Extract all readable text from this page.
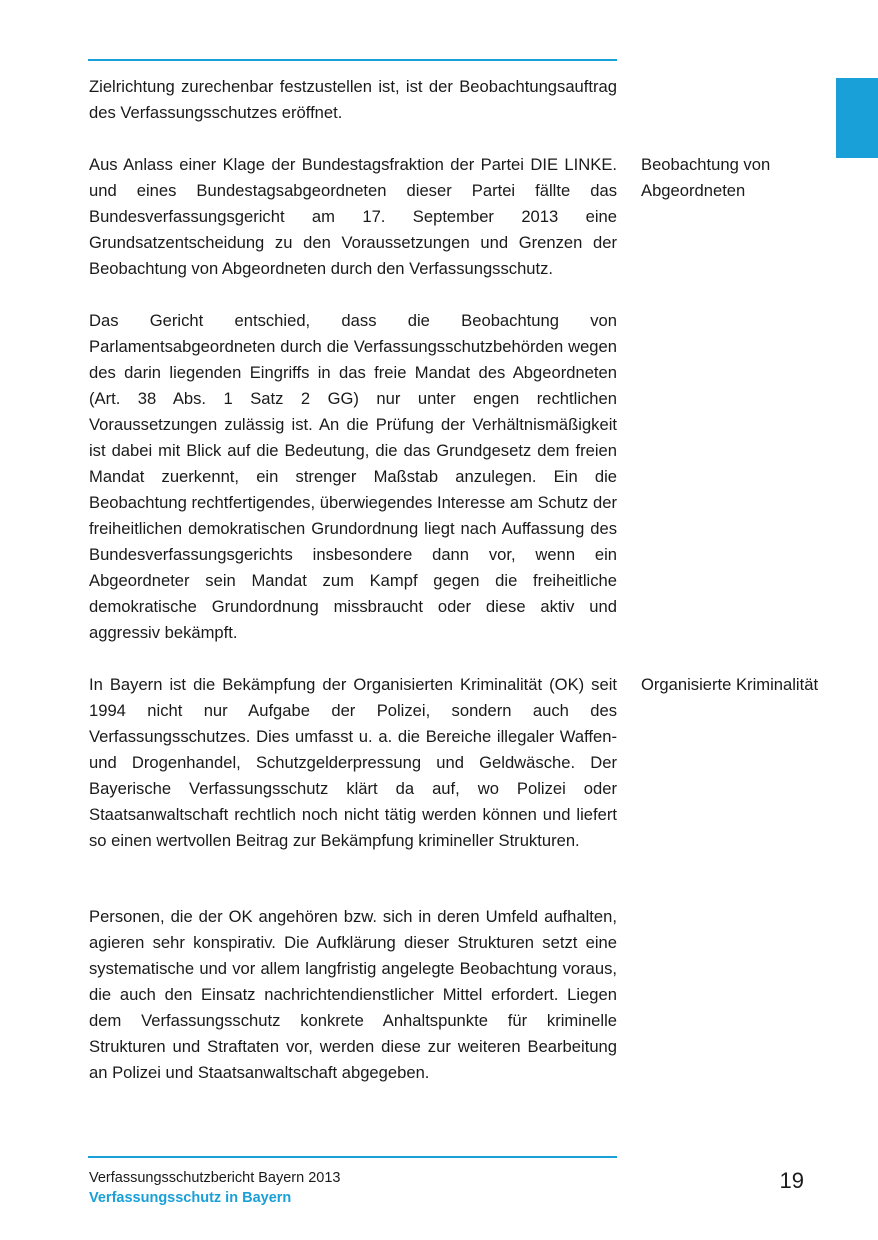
Zielrichtung zurechenbar festzustellen ist, ist der Beobachtungsauftrag des Verfassungsschutzes eröffnet.

Aus Anlass einer Klage der Bundestagsfraktion der Partei DIE LINKE. und eines Bundestagsabgeordneten dieser Partei fällte das Bundesverfassungsgericht am 17. September 2013 eine Grundsatzentscheidung zu den Voraussetzungen und Grenzen der Beobachtung von Abgeordneten durch den Verfassungsschutz.

Beobachtung von Abgeordneten

Das Gericht entschied, dass die Beobachtung von Parlamentsabgeordneten durch die Verfassungsschutzbehörden wegen des darin liegenden Eingriffs in das freie Mandat des Abgeordneten (Art. 38 Abs. 1 Satz 2 GG) nur unter engen rechtlichen Voraussetzungen zulässig ist. An die Prüfung der Verhältnismäßigkeit ist dabei mit Blick auf die Bedeutung, die das Grundgesetz dem freien Mandat zuerkennt, ein strenger Maßstab anzulegen. Ein die Beobachtung rechtfertigendes, überwiegendes Interesse am Schutz der freiheitlichen demokratischen Grundordnung liegt nach Auffassung des Bundesverfassungsgerichts insbesondere dann vor, wenn ein Abgeordneter sein Mandat zum Kampf gegen die freiheitliche demokratische Grundordnung missbraucht oder diese aktiv und aggressiv bekämpft.

In Bayern ist die Bekämpfung der Organisierten Kriminalität (OK) seit 1994 nicht nur Aufgabe der Polizei, sondern auch des Verfassungsschutzes. Dies umfasst u. a. die Bereiche illegaler Waffen- und Drogenhandel, Schutzgelderpressung und Geldwäsche. Der Bayerische Verfassungsschutz klärt da auf, wo Polizei oder Staatsanwaltschaft rechtlich noch nicht tätig werden können und liefert so einen wertvollen Beitrag zur Bekämpfung krimineller Strukturen.

Organisierte Kriminalität

Personen, die der OK angehören bzw. sich in deren Umfeld aufhalten, agieren sehr konspirativ. Die Aufklärung dieser Strukturen setzt eine systematische und vor allem langfristig angelegte Beobachtung voraus, die auch den Einsatz nachrichtendienstlicher Mittel erfordert. Liegen dem Verfassungsschutz konkrete Anhaltspunkte für kriminelle Strukturen und Straftaten vor, werden diese zur weiteren Bearbeitung an Polizei und Staatsanwaltschaft abgegeben.

Verfassungsschutzbericht Bayern 2013

Verfassungsschutz in Bayern

19
